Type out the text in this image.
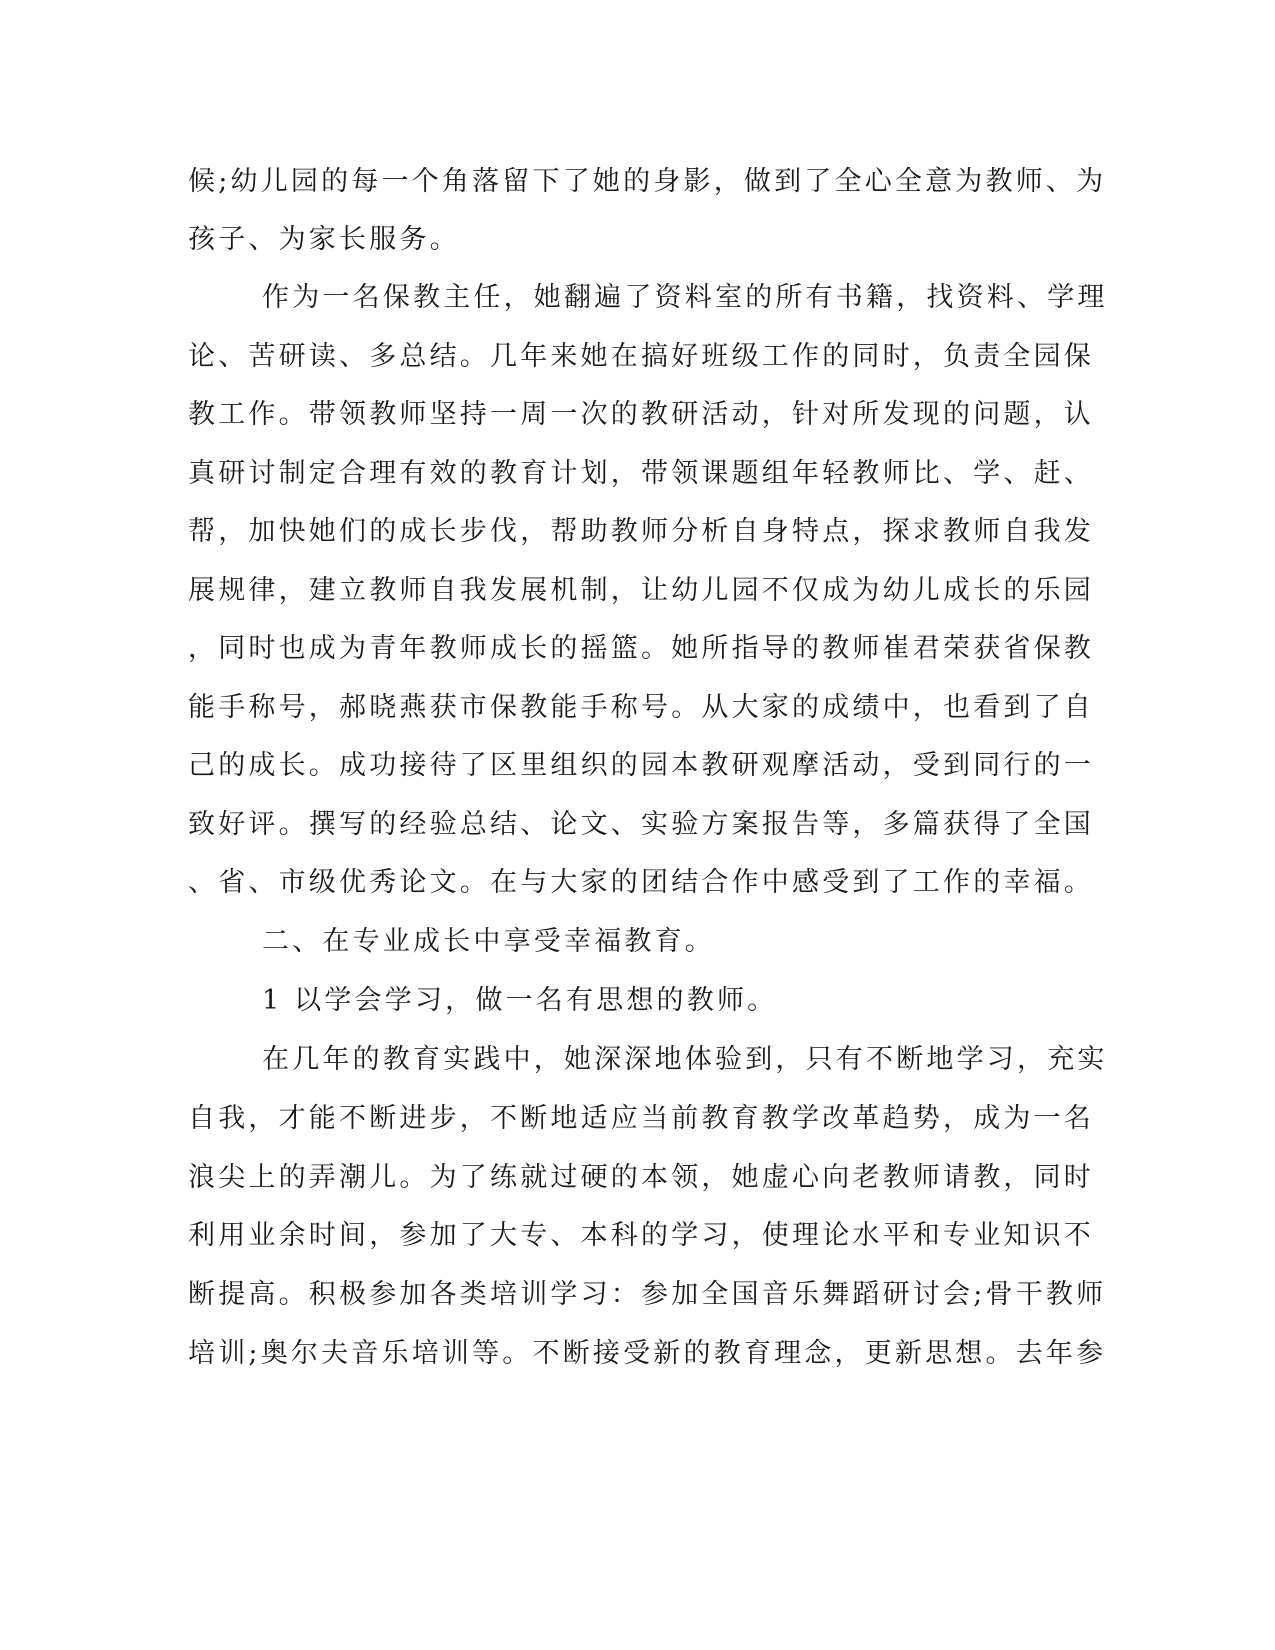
候;幼儿园的每一个角落留下了她的身影，做到了全心全意为教师、为
孩子、为家长服务。
作为一名保教主任，她翻遍了资料室的所有书籍，找资料、学理
论、苦研读、多总结。几年来她在搞好班级工作的同时，负责全园保
教工作。带领教师坚持一周一次的教研活动，针对所发现的问题，认
真研讨制定合理有效的教育计划，带领课题组年轻教师比、学、赶、
帮，加快她们的成长步伐，帮助教师分析自身特点，探求教师自我发
展规律，建立教师自我发展机制，让幼儿园不仅成为幼儿成长的乐园
，同时也成为青年教师成长的摇篮。她所指导的教师崔君荣获省保教
能手称号，郝晓燕获市保教能手称号。从大家的成绩中，也看到了自
己的成长。成功接待了区里组织的园本教研观摩活动，受到同行的一
致好评。撰写的经验总结、论文、实验方案报告等，多篇获得了全国
、省、市级优秀论文。在与大家的团结合作中感受到了工作的幸福。
二、在专业成长中享受幸福教育。
1 以学会学习，做一名有思想的教师。
在几年的教育实践中，她深深地体验到，只有不断地学习，充实
自我，才能不断进步，不断地适应当前教育教学改革趋势，成为一名
浪尖上的弄潮儿。为了练就过硬的本领，她虚心向老教师请教，同时
利用业余时间，参加了大专、本科的学习，使理论水平和专业知识不
断提高。积极参加各类培训学习：参加全国音乐舞蹈研讨会;骨干教师
培训;奥尔夫音乐培训等。不断接受新的教育理念，更新思想。去年参
